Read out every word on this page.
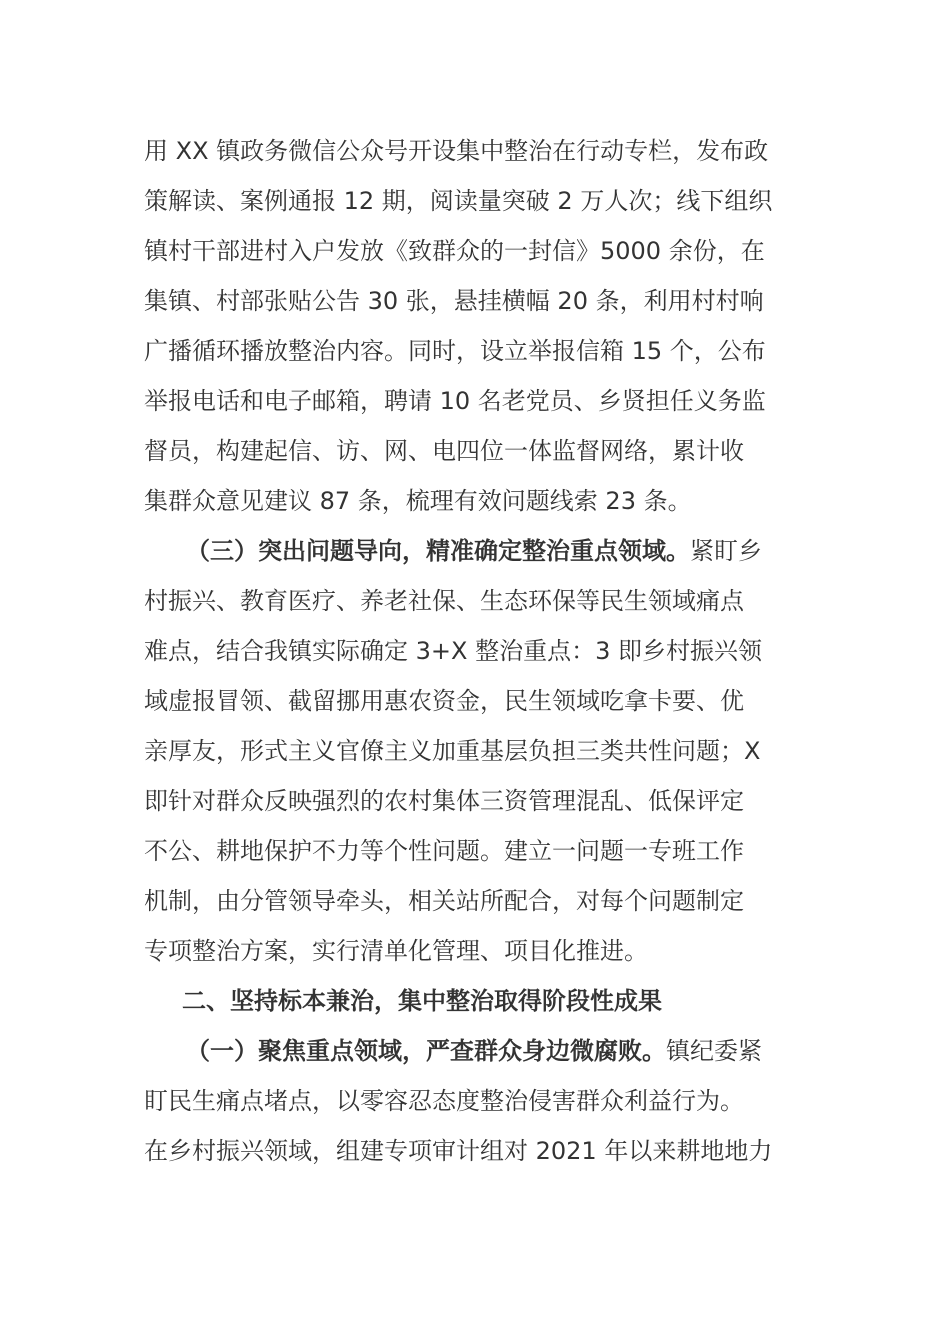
用 XX 镇政务微信公众号开设集中整治在行动专栏，发布政
策解读、案例通报 12 期，阅读量突破 2 万人次；线下组织
镇村干部进村入户发放《致群众的一封信》5000 余份，在
集镇、村部张贴公告 30 张，悬挂横幅 20 条，利用村村响
广播循环播放整治内容。同时，设立举报信箱 15 个，公布
举报电话和电子邮箱，聘请 10 名老党员、乡贤担任义务监
督员，构建起信、访、网、电四位一体监督网络，累计收
集群众意见建议 87 条，梳理有效问题线索 23 条。
（三）突出问题导向，精准确定整治重点领域。紧盯乡
村振兴、教育医疗、养老社保、生态环保等民生领域痛点
难点，结合我镇实际确定 3+X 整治重点：3 即乡村振兴领
域虚报冒领、截留挪用惠农资金，民生领域吃拿卡要、优
亲厚友，形式主义官僚主义加重基层负担三类共性问题；X
即针对群众反映强烈的农村集体三资管理混乱、低保评定
不公、耕地保护不力等个性问题。建立一问题一专班工作
机制，由分管领导牵头，相关站所配合，对每个问题制定
专项整治方案，实行清单化管理、项目化推进。
二、坚持标本兼治，集中整治取得阶段性成果
（一）聚焦重点领域，严查群众身边微腐败。镇纪委紧
盯民生痛点堵点，以零容忍态度整治侵害群众利益行为。
在乡村振兴领域，组建专项审计组对 2021 年以来耕地地力
